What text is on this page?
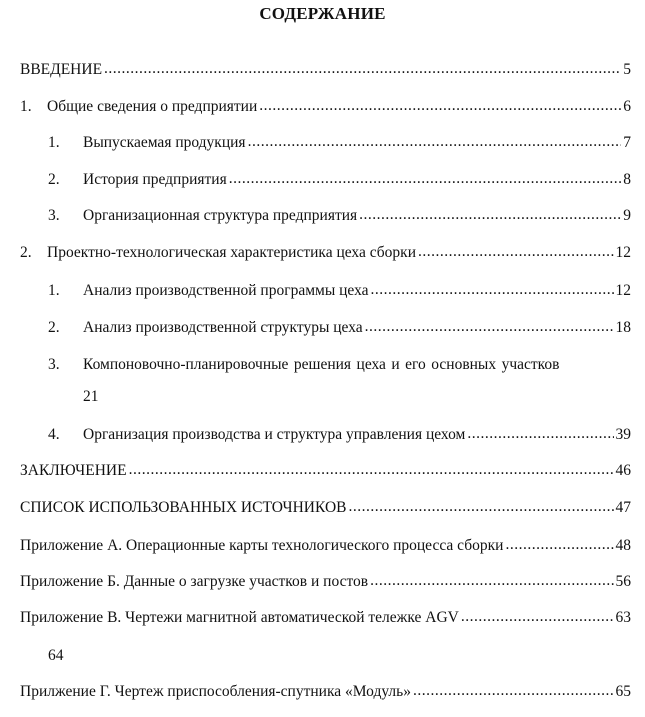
СОДЕРЖАНИЕ
ВВЕДЕНИЕ .....	5
1. Общие сведения о предприятии .....	6
1.	Выпускаемая продукция .....	7
2.	История предприятия .....	8
3.	Организационная структура предприятия .....	9
2. Проектно-технологическая характеристика цеха сборки .....	12
1.	Анализ производственной программы цеха .....	12
2.	Анализ производственной структуры цеха .....	18
3.	Компоновочно-планировочные решения цеха и его основных участков
21
4.	Организация производства и структура управления цехом .....	39
ЗАКЛЮЧЕНИЕ .....	46
СПИСОК ИСПОЛЬЗОВАННЫХ ИСТОЧНИКОВ .....	47
Приложение А. Операционные карты технологического процесса сборки .....	48
Приложение Б. Данные о загрузке участков и постов .....	56
Приложение В. Чертежи магнитной автоматической тележке AGV .....	63
64
Прилжение Г. Чертеж приспособления-спутника «Модуль» .....	65
